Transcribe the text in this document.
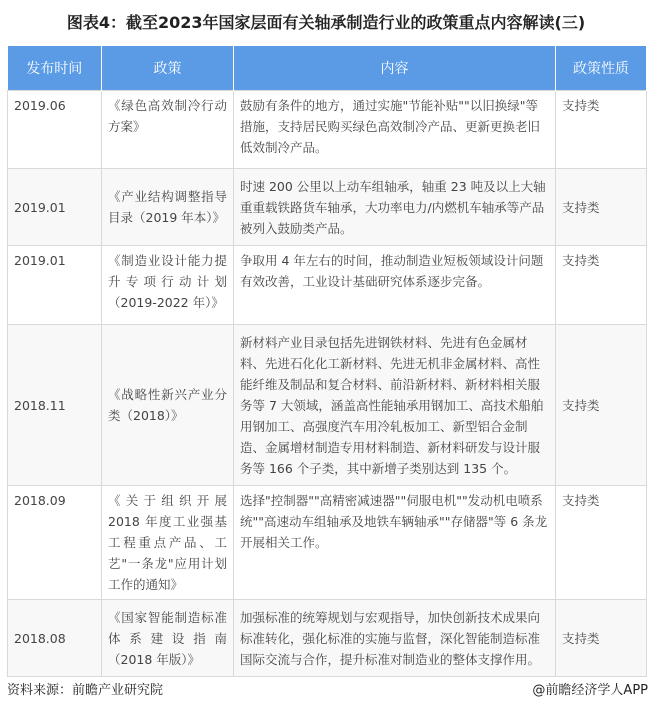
图表4：截至2023年国家层面有关轴承制造行业的政策重点内容解读(三)
发布时间	政策	内容	政策性质
2019.06	《绿色高效制冷行动方案》	鼓励有条件的地方，通过实施"节能补贴""以旧换绿"等措施，支持居民购买绿色高效制冷产品、更新更换老旧低效制冷产品。	支持类
2019.01	《产业结构调整指导目录（2019 年本）》	时速 200 公里以上动车组轴承，轴重 23 吨及以上大轴重重载铁路货车轴承，大功率电力/内燃机车轴承等产品被列入鼓励类产品。	支持类
2019.01	《制造业设计能力提升专项行动计划（2019-2022 年）》	争取用 4 年左右的时间，推动制造业短板领域设计问题有效改善，工业设计基础研究体系逐步完备。	支持类
2018.11	《战略性新兴产业分类（2018）》	新材料产业目录包括先进钢铁材料、先进有色金属材料、先进石化化工新材料、先进无机非金属材料、高性能纤维及制品和复合材料、前沿新材料、新材料相关服务等 7 大领域，涵盖高性能轴承用钢加工、高技术船舶用钢加工、高强度汽车用冷轧板加工、新型铝合金制造、金属增材制造专用材料制造、新材料研发与设计服务等 166 个子类，其中新增子类别达到 135 个。	支持类
2018.09	《关于组织开展 2018 年度工业强基工程重点产品、工艺"一条龙"应用计划工作的通知》	选择"控制器""高精密减速器""伺服电机""发动机电喷系统""高速动车组轴承及地铁车辆轴承""存储器"等 6 条龙开展相关工作。	支持类
2018.08	《国家智能制造标准体系建设指南（2018 年版）》	加强标准的统筹规划与宏观指导，加快创新技术成果向标准转化，强化标准的实施与监督，深化智能制造标准国际交流与合作，提升标准对制造业的整体支撑作用。	支持类
资料来源：前瞻产业研究院	@前瞻经济学人APP
